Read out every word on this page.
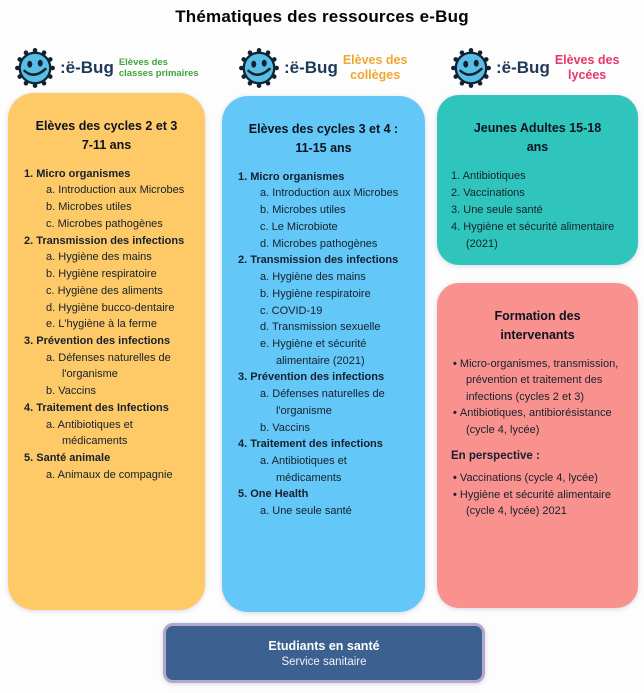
Thématiques des ressources e-Bug
:ë-Bug Elèves des
classes primaires	:ë-Bug Elèves des
collèges	:ë-Bug Elèves des
lycées
Elèves des cycles 2 et 3
7-11 ans
Micro organismes
Introduction aux Microbes
Microbes utiles
Microbes pathogènes
Transmission des infections
Hygiène des mains
Hygiène respiratoire
Hygiène des aliments
Hygiène bucco-dentaire
L'hygiène à la ferme
Prévention des infections
Défenses naturelles de l'organisme
Vaccins
Traitement des Infections
Antibiotiques et médicaments
Santé animale
Animaux de compagnie
Elèves des cycles 3 et 4 :
11-15 ans
Micro organismes
Introduction aux Microbes
Microbes utiles
Le Microbiote
Microbes pathogènes
Transmission des infections
Hygiène des mains
Hygiène respiratoire
COVID-19
Transmission sexuelle
Hygiène et sécurité alimentaire (2021)
Prévention des infections
Défenses naturelles de l'organisme
Vaccins
Traitement des infections
Antibiotiques et médicaments
One Health
Une seule santé
Jeunes Adultes 15-18
ans
Antibiotiques
Vaccinations
Une seule santé
Hygiène et sécurité alimentaire (2021)
Formation des
intervenants
• Micro-organismes, transmission, prévention et traitement des infections (cycles 2 et 3)
• Antibiotiques, antibiorésistance (cycle 4, lycée)
En perspective :
• Vaccinations (cycle 4, lycée)
• Hygiène et sécurité alimentaire (cycle 4, lycée) 2021
Etudiants en santé
Service sanitaire
